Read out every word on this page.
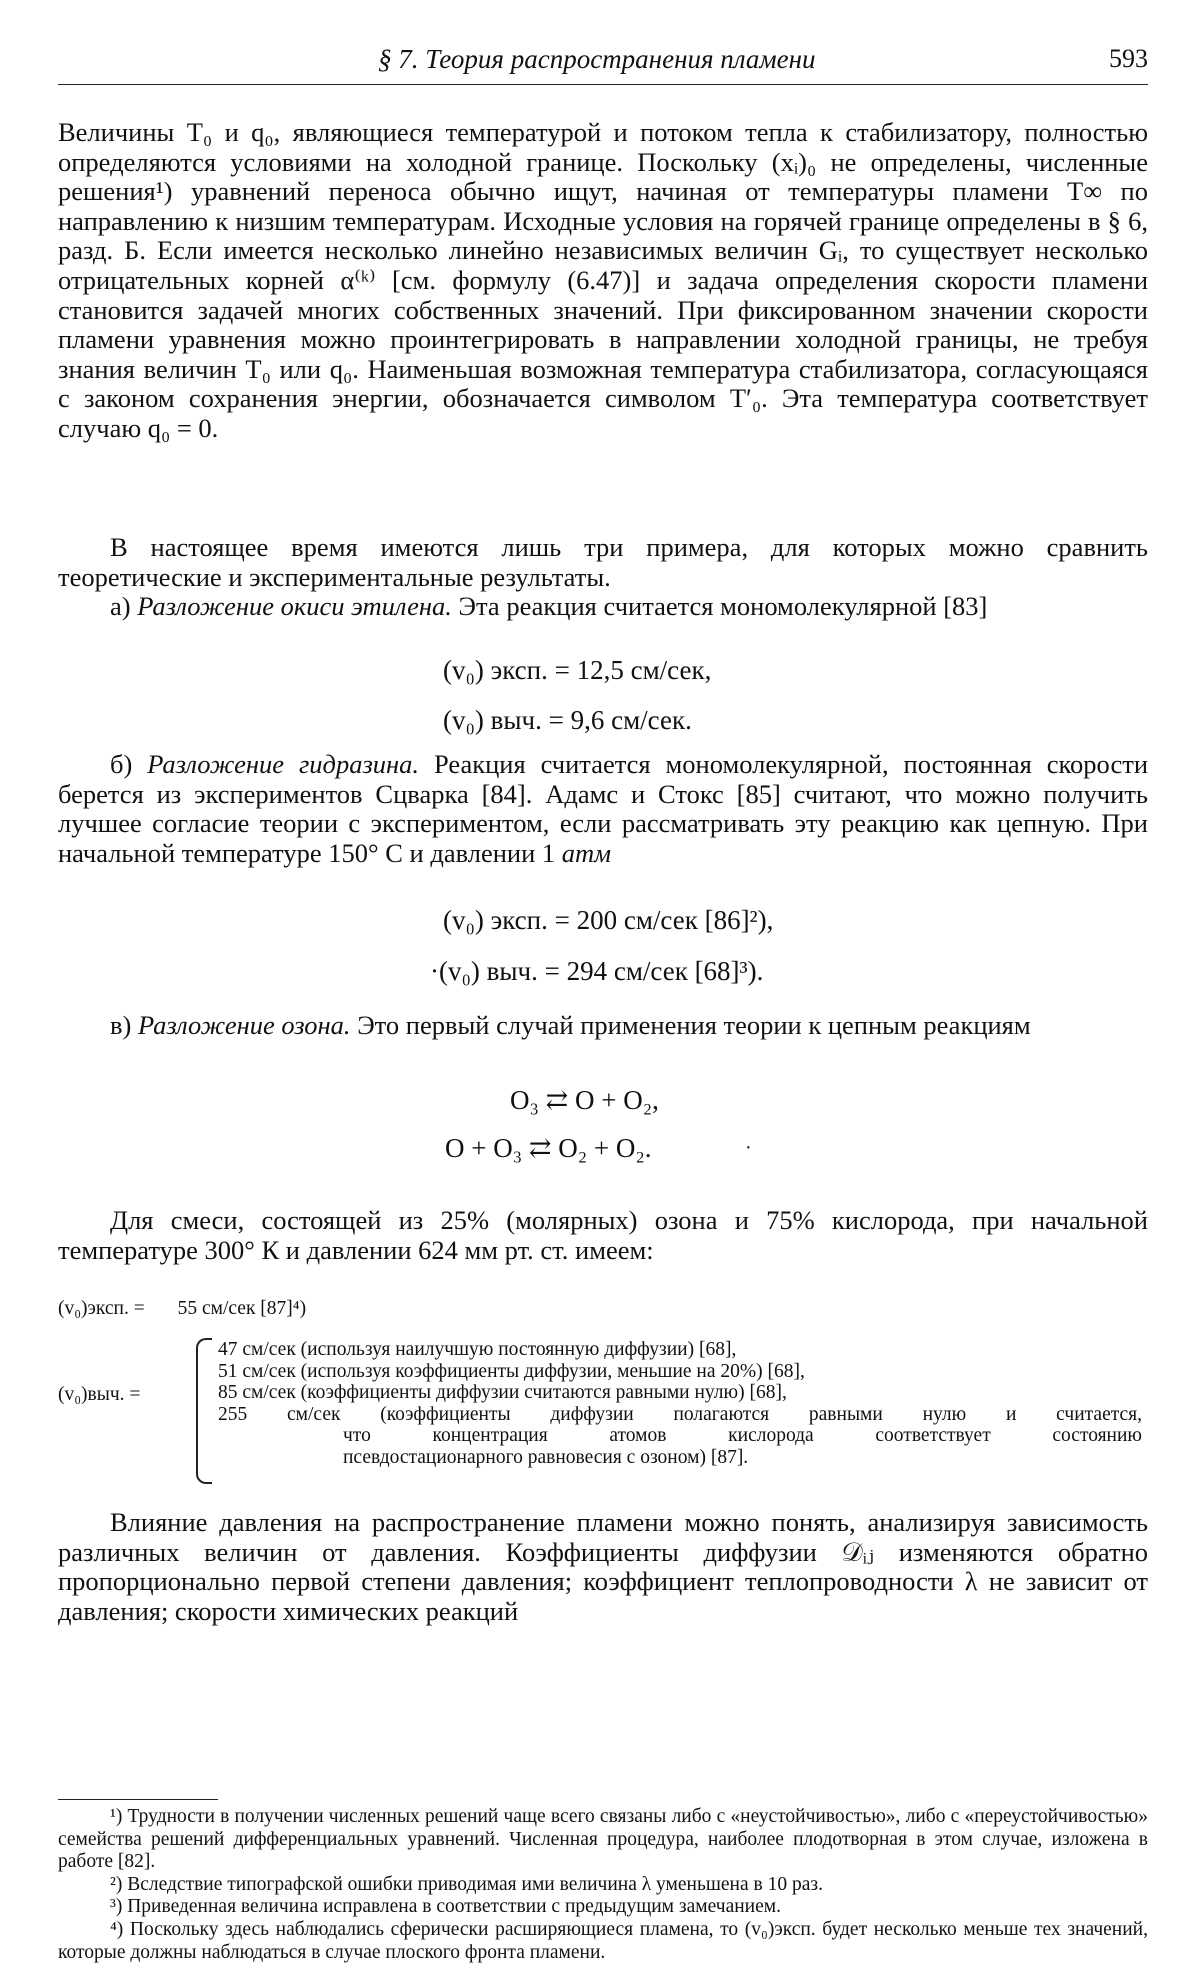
§ 7. Теория распространения пламени	593

Величины T₀ и q₀, являющиеся температурой и потоком тепла к стабилизатору, полностью определяются условиями на холодной границе. Поскольку (xᵢ)₀ не определены, численные решения¹) уравнений переноса обычно ищут, начиная от температуры пламени T∞ по направлению к низшим температурам. Исходные условия на горячей границе определены в § 6, разд. Б. Если имеется несколько линейно независимых величин Gᵢ, то существует несколько отрицательных корней α⁽ᵏ⁾ [см. формулу (6.47)] и задача определения скорости пламени становится задачей многих собственных значений. При фиксированном значении скорости пламени уравнения можно проинтегрировать в направлении холодной границы, не требуя знания величин T₀ или q₀. Наименьшая возможная температура стабилизатора, согласующаяся с законом сохранения энергии, обозначается символом T′₀. Эта температура соответствует случаю q₀ = 0.

В настоящее время имеются лишь три примера, для которых можно сравнить теоретические и экспериментальные результаты.

а) Разложение окиси этилена. Эта реакция считается мономолекулярной [83]

(v₀) эксп. = 12,5 см/сек,
(v₀) выч. = 9,6 см/сек.

б) Разложение гидразина. Реакция считается мономолекулярной, постоянная скорости берется из экспериментов Сцварка [84]. Адамс и Стокс [85] считают, что можно получить лучшее согласие теории с экспериментом, если рассматривать эту реакцию как цепную. При начальной температуре 150° С и давлении 1 атм

(v₀) эксп. = 200 см/сек [86]²),
·(v₀) выч. = 294 см/сек [68]³).

в) Разложение озона. Это первый случай применения теории к цепным реакциям

O₃ ⇄ O + O₂,
O + O₃ ⇄ O₂ + O₂.	·

Для смеси, состоящей из 25% (молярных) озона и 75% кислорода, при начальной температуре 300° К и давлении 624 мм рт. ст. имеем:

(v₀)эксп. = 55 см/сек [87]⁴)
(v₀)выч. =
47 см/сек (используя наилучшую постоянную диффузии) [68],
51 см/сек (используя коэффициенты диффузии, меньшие на 20%) [68],
85 см/сек (коэффициенты диффузии считаются равными нулю) [68],
255 см/сек (коэффициенты диффузии полагаются равными нулю и считается,
что концентрация атомов кислорода соответствует состоянию
псевдостационарного равновесия с озоном) [87].

Влияние давления на распространение пламени можно понять, анализируя зависимость различных величин от давления. Коэффициенты диффузии 𝒟ᵢⱼ изменяются обратно пропорционально первой степени давления; коэффициент теплопроводности λ не зависит от давления; скорости химических реакций

¹) Трудности в получении численных решений чаще всего связаны либо с «неустойчивостью», либо с «переустойчивостью» семейства решений дифференциальных уравнений. Численная процедура, наиболее плодотворная в этом случае, изложена в работе [82].

²) Вследствие типографской ошибки приводимая ими величина λ уменьшена в 10 раз.

³) Приведенная величина исправлена в соответствии с предыдущим замечанием.

⁴) Поскольку здесь наблюдались сферически расширяющиеся пламена, то (v₀)эксп. будет несколько меньше тех значений, которые должны наблюдаться в случае плоского фронта пламени.
